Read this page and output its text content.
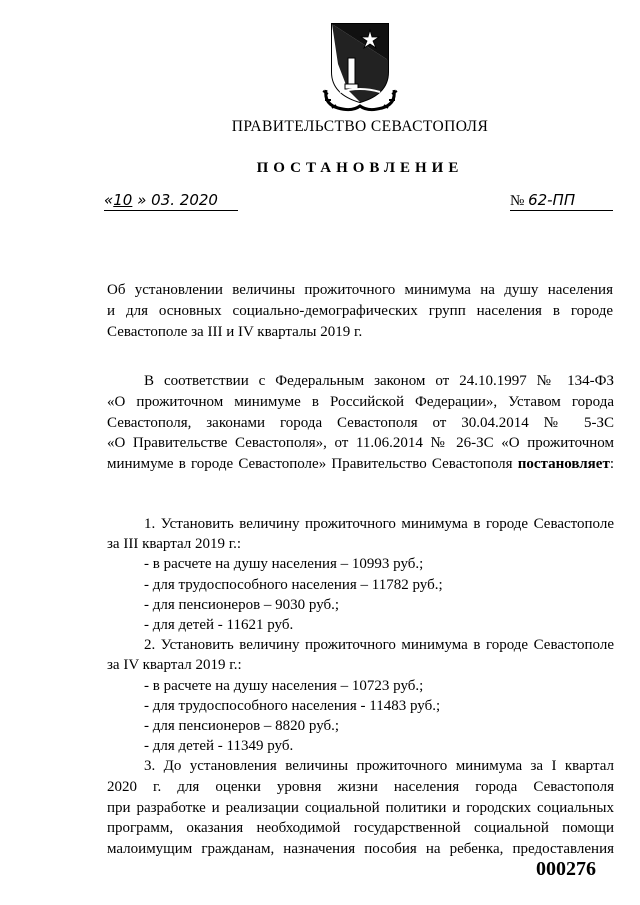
ПРАВИТЕЛЬСТВО СЕВАСТОПОЛЯ
ПОСТАНОВЛЕНИЕ
«10 » 03. 2020	№ 62-ПП
Об установлении величины прожиточного минимума на душу населения
и для основных социально-демографических групп населения в городе
Севастополе за III и IV кварталы 2019 г.
В соответствии с Федеральным законом от 24.10.1997 № 134-ФЗ
«О прожиточном минимуме в Российской Федерации», Уставом города
Севастополя, законами города Севастополя от 30.04.2014 № 5-ЗС
«О Правительстве Севастополя», от 11.06.2014 № 26-ЗС «О прожиточном
минимуме в городе Севастополе» Правительство Севастополя постановляет:
1. Установить величину прожиточного минимума в городе Севастополе
за III квартал 2019 г.:
- в расчете на душу населения – 10993 руб.;
- для трудоспособного населения – 11782 руб.;
- для пенсионеров – 9030 руб.;
- для детей - 11621 руб.
2. Установить величину прожиточного минимума в городе Севастополе
за IV квартал 2019 г.:
- в расчете на душу населения – 10723 руб.;
- для трудоспособного населения - 11483 руб.;
- для пенсионеров – 8820 руб.;
- для детей - 11349 руб.
3. До установления величины прожиточного минимума за I квартал
2020 г. для оценки уровня жизни населения города Севастополя
при разработке и реализации социальной политики и городских социальных
программ, оказания необходимой государственной социальной помощи
малоимущим гражданам, назначения пособия на ребенка, предоставления
000276
